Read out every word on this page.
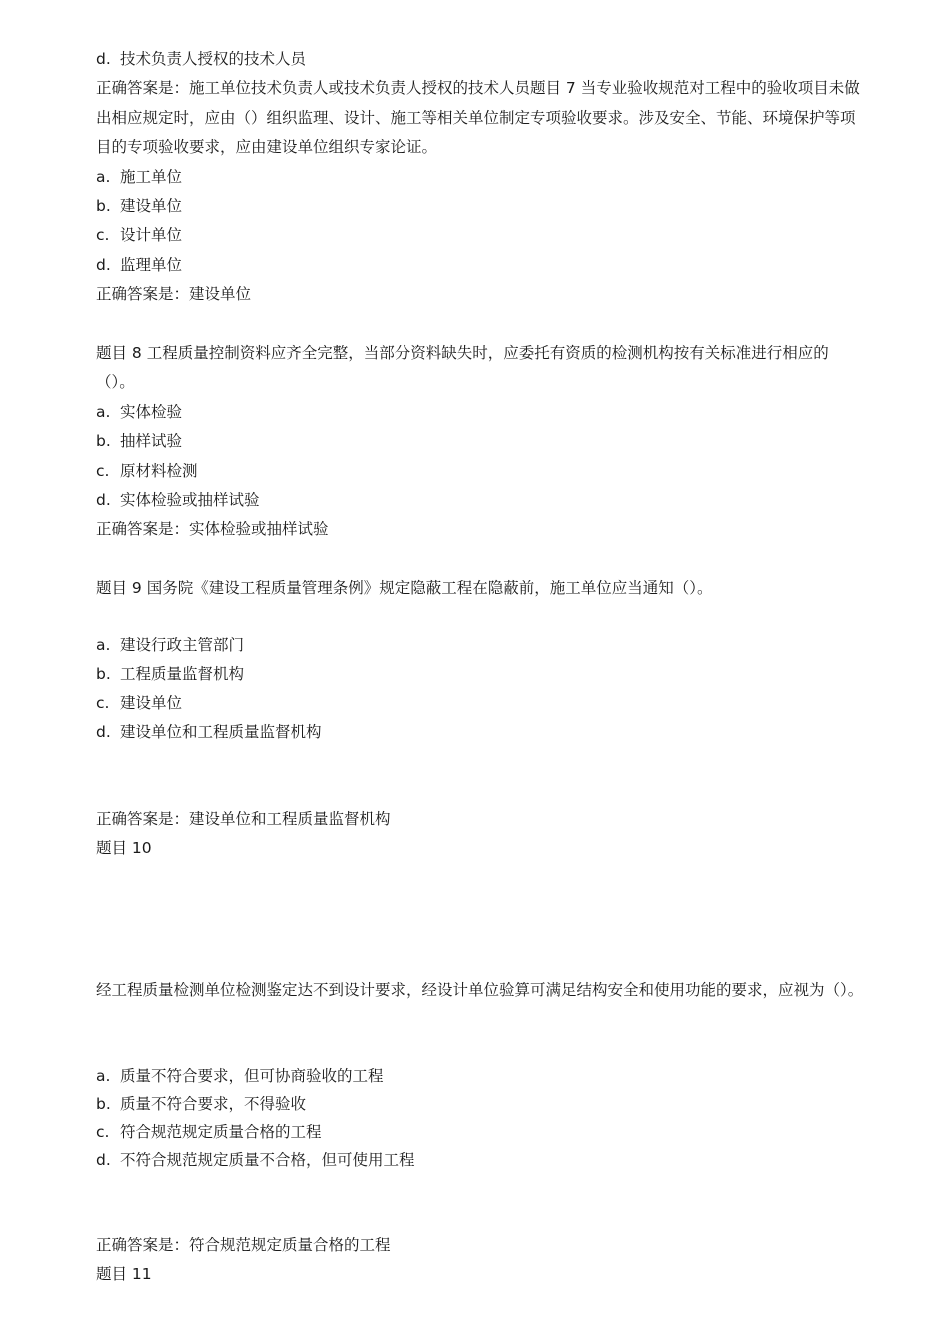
d. 技术负责人授权的技术人员
正确答案是：施工单位技术负责人或技术负责人授权的技术人员题目 7 当专业验收规范对工程中的验收项目未做出相应规定时，应由（）组织监理、设计、施工等相关单位制定专项验收要求。涉及安全、节能、环境保护等项目的专项验收要求，应由建设单位组织专家论证。
a. 施工单位
b. 建设单位
c. 设计单位
d. 监理单位
正确答案是：建设单位
题目 8 工程质量控制资料应齐全完整，当部分资料缺失时，应委托有资质的检测机构按有关标准进行相应的（）。
a. 实体检验
b. 抽样试验
c. 原材料检测
d. 实体检验或抽样试验
正确答案是：实体检验或抽样试验
题目 9 国务院《建设工程质量管理条例》规定隐蔽工程在隐蔽前，施工单位应当通知（）。
a. 建设行政主管部门
b. 工程质量监督机构
c. 建设单位
d. 建设单位和工程质量监督机构
正确答案是：建设单位和工程质量监督机构
题目 10
经工程质量检测单位检测鉴定达不到设计要求，经设计单位验算可满足结构安全和使用功能的要求，应视为（）。
a. 质量不符合要求，但可协商验收的工程
b. 质量不符合要求，不得验收
c. 符合规范规定质量合格的工程
d. 不符合规范规定质量不合格，但可使用工程
正确答案是：符合规范规定质量合格的工程
题目 11
